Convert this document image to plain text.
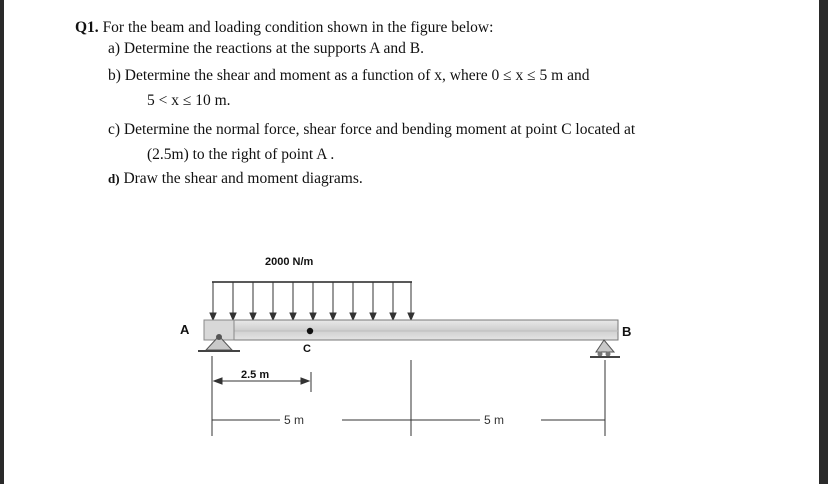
Q1. For the beam and loading condition shown in the figure below:
a) Determine the reactions at the supports A and B.
b) Determine the shear and moment as a function of x, where 0 ≤ x ≤ 5 m and
5 < x ≤ 10 m.
c) Determine the normal force, shear force and bending moment at point C located at
(2.5m) to the right of point A .
d) Draw the shear and moment diagrams.
2000 N/m
A	B
C
2.5 m
5 m	5 m
